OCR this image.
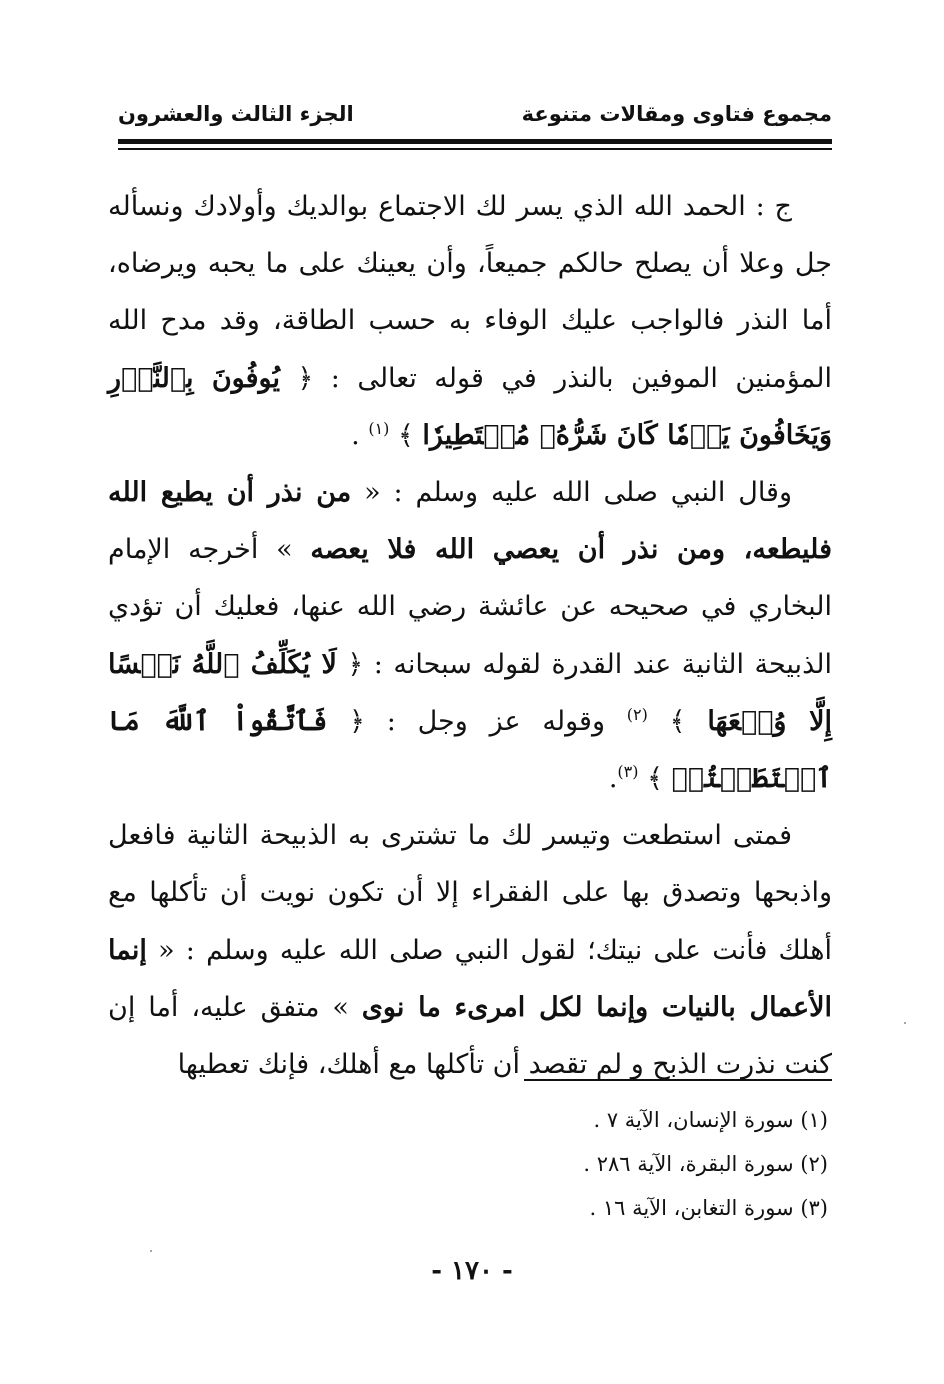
مجموع فتاوى ومقالات متنوعة
الجزء الثالث والعشرون

ج : الحمد الله الذي يسر لك الاجتماع بوالديك وأولادك ونسأله جل وعلا أن يصلح حالكم جميعاً، وأن يعينك على ما يحبه ويرضاه، أما النذر فالواجب عليك الوفاء به حسب الطاقة، وقد مدح الله المؤمنين الموفين بالنذر في قوله تعالى : ﴿ يُوفُونَ بِٱلنَّذۡرِ وَيَخَافُونَ يَوۡمٗا كَانَ شَرُّهُۥ مُسۡتَطِيرٗا ﴾ $^{(١)}$ .

وقال النبي صلى الله عليه وسلم : « من نذر أن يطيع الله فليطعه، ومن نذر أن يعصي الله فلا يعصه » أخرجه الإمام البخاري في صحيحه عن عائشة رضي الله عنها، فعليك أن تؤدي الذبيحة الثانية عند القدرة لقوله سبحانه : ﴿ لَا يُكَلِّفُ ٱللَّهُ نَفۡسًا إِلَّا وُسۡعَهَا ﴾ $^{(٢)}$ وقوله عز وجل : ﴿ فَٱتَّقُواْ ٱللَّهَ مَا ٱسۡتَطَعۡتُمۡ ﴾ $^{(٣)}$.

فمتى استطعت وتيسر لك ما تشترى به الذبيحة الثانية فافعل واذبحها وتصدق بها على الفقراء إلا أن تكون نويت أن تأكلها مع أهلك فأنت على نيتك؛ لقول النبي صلى الله عليه وسلم : « إنما الأعمال بالنيات وإنما لكل امرىء ما نوى » متفق عليه، أما إن كنت نذرت الذبح و لم تقصد أن تأكلها مع أهلك، فإنك تعطيها

(١) سورة الإنسان، الآية ٧ .
(٢) سورة البقرة، الآية ٢٨٦ .
(٣) سورة التغابن، الآية ١٦ .
- ١٧٠ -
